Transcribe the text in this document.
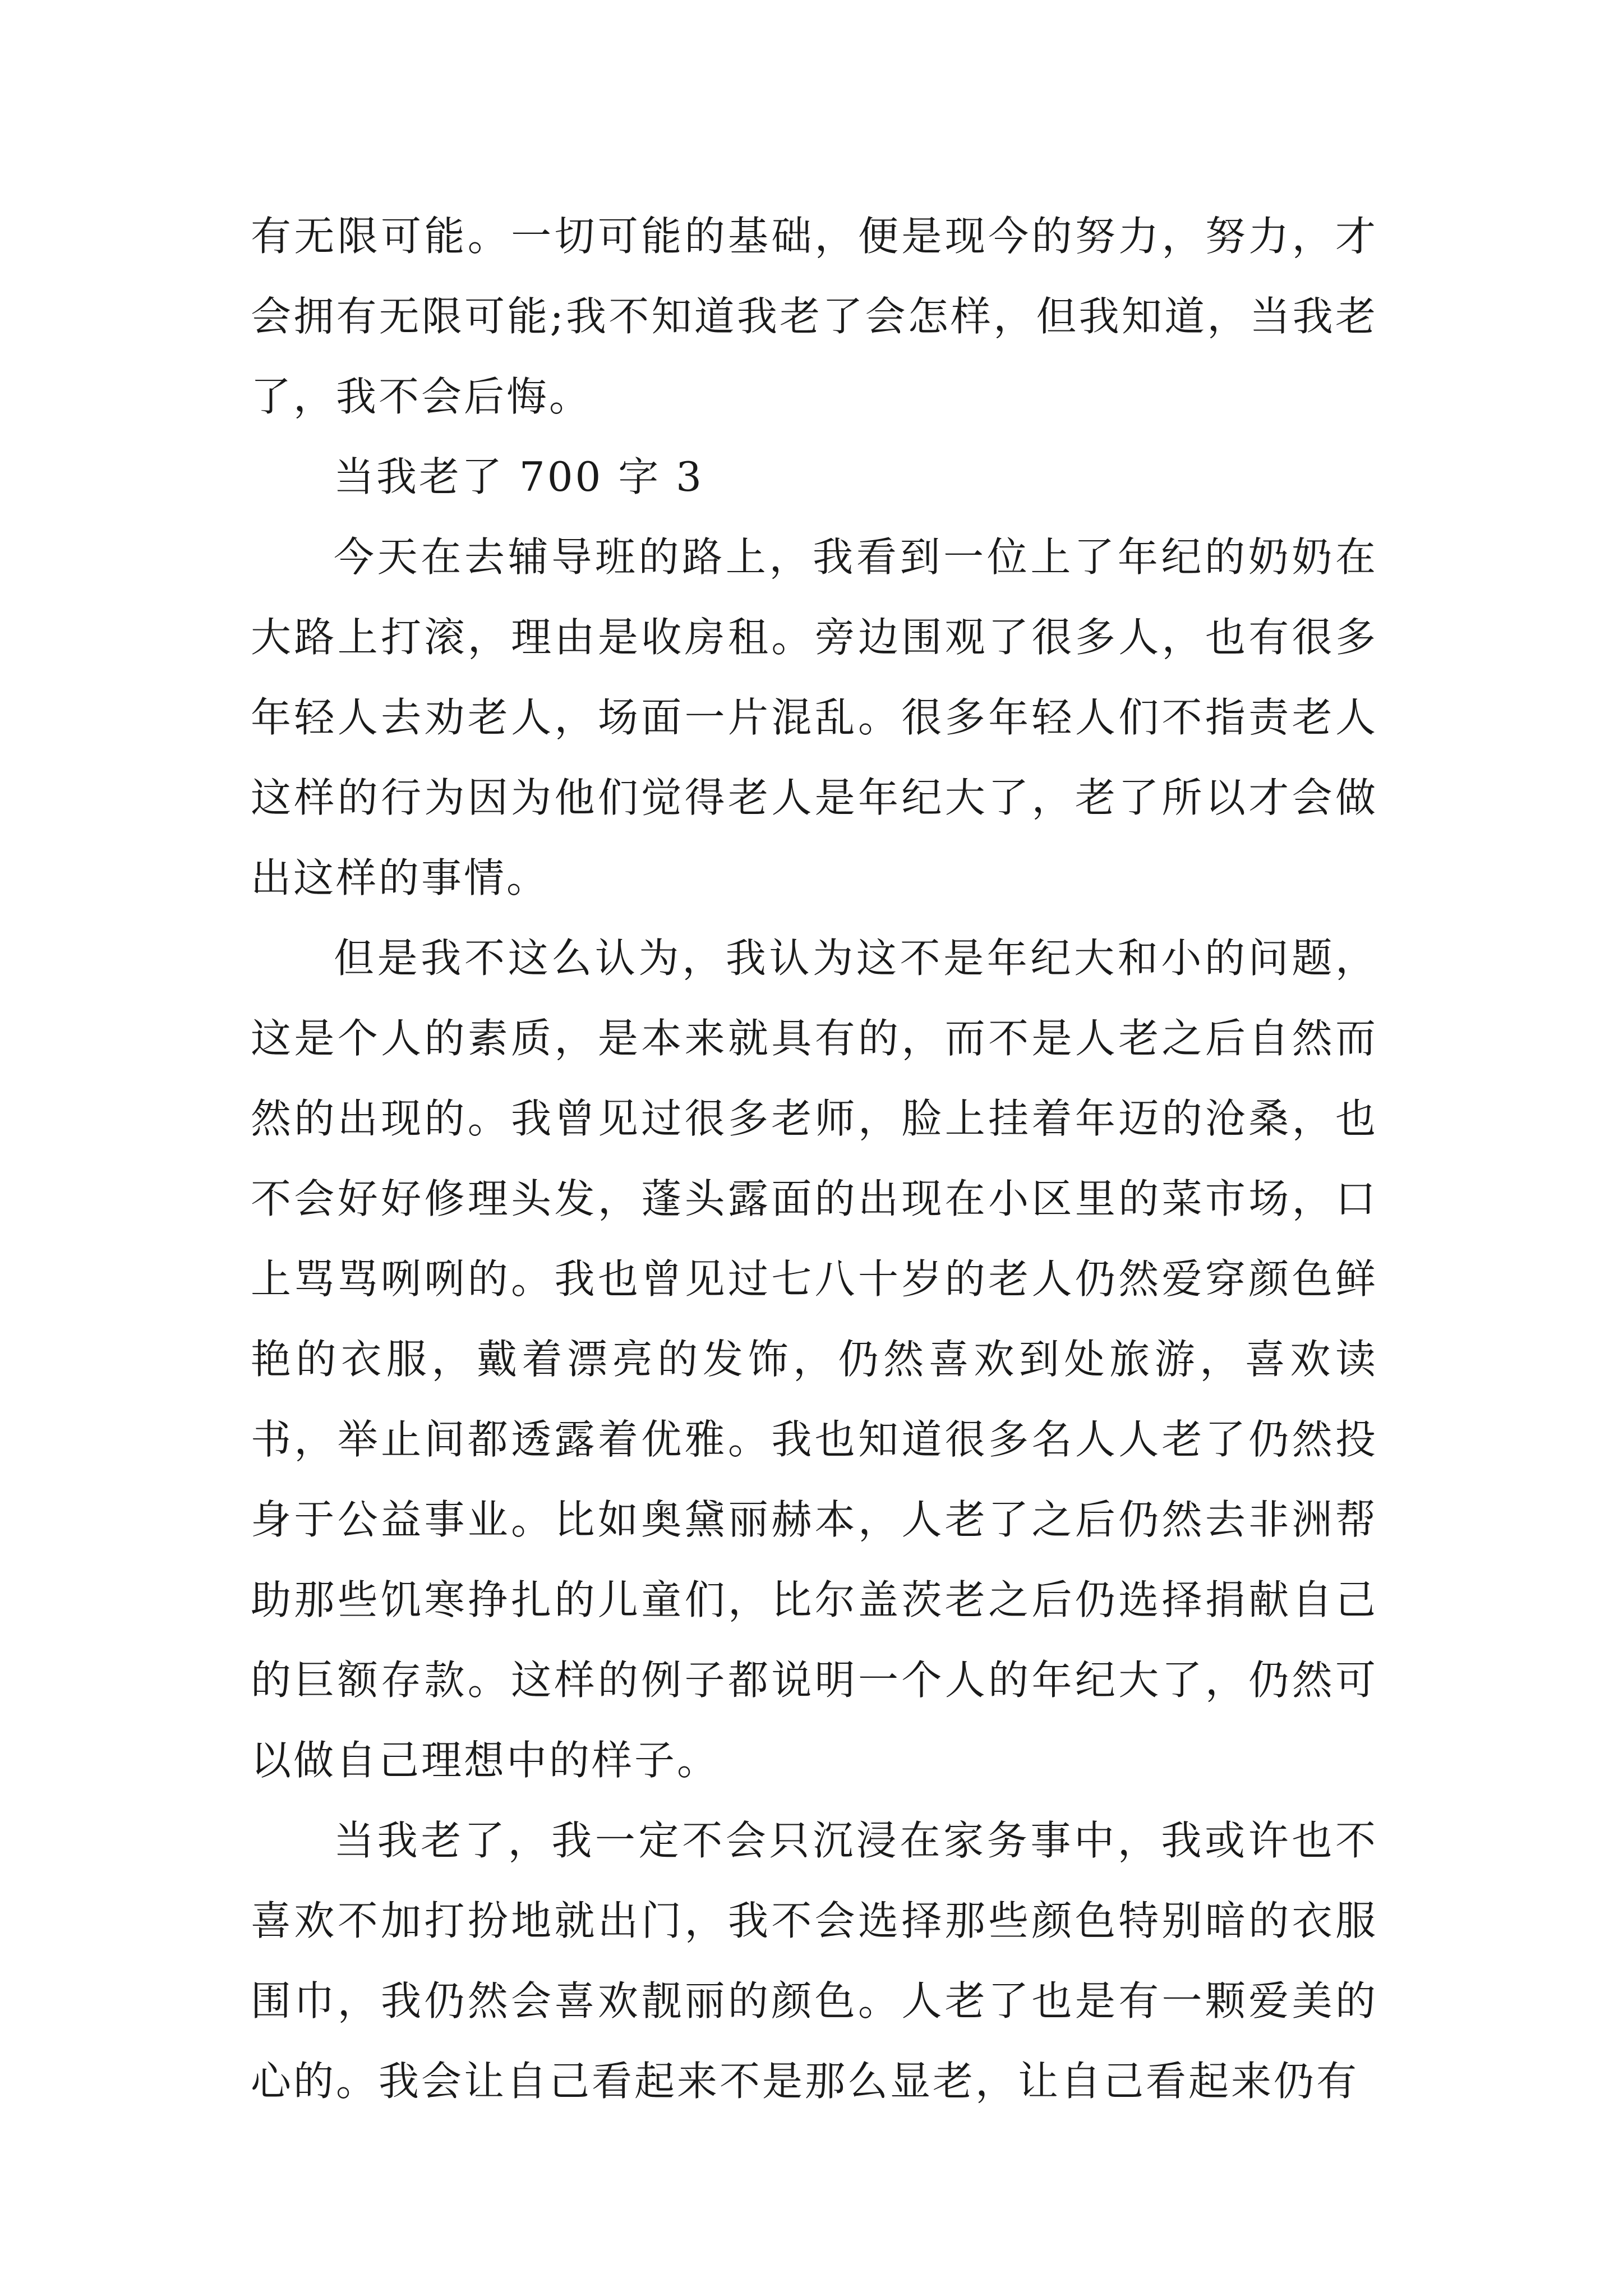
有无限可能。一切可能的基础，便是现今的努力，努力，才会拥有无限可能;我不知道我老了会怎样，但我知道，当我老了，我不会后悔。

当我老了 700 字 3

今天在去辅导班的路上，我看到一位上了年纪的奶奶在大路上打滚，理由是收房租。旁边围观了很多人，也有很多年轻人去劝老人，场面一片混乱。很多年轻人们不指责老人这样的行为因为他们觉得老人是年纪大了，老了所以才会做出这样的事情。

但是我不这么认为，我认为这不是年纪大和小的问题，这是个人的素质，是本来就具有的，而不是人老之后自然而然的出现的。我曾见过很多老师，脸上挂着年迈的沧桑，也不会好好修理头发，蓬头露面的出现在小区里的菜市场，口上骂骂咧咧的。我也曾见过七八十岁的老人仍然爱穿颜色鲜艳的衣服，戴着漂亮的发饰，仍然喜欢到处旅游，喜欢读书，举止间都透露着优雅。我也知道很多名人人老了仍然投身于公益事业。比如奥黛丽赫本，人老了之后仍然去非洲帮助那些饥寒挣扎的儿童们，比尔盖茨老之后仍选择捐献自己的巨额存款。这样的例子都说明一个人的年纪大了，仍然可以做自己理想中的样子。

当我老了，我一定不会只沉浸在家务事中，我或许也不喜欢不加打扮地就出门，我不会选择那些颜色特别暗的衣服围巾，我仍然会喜欢靓丽的颜色。人老了也是有一颗爱美的心的。我会让自己看起来不是那么显老，让自己看起来仍有
